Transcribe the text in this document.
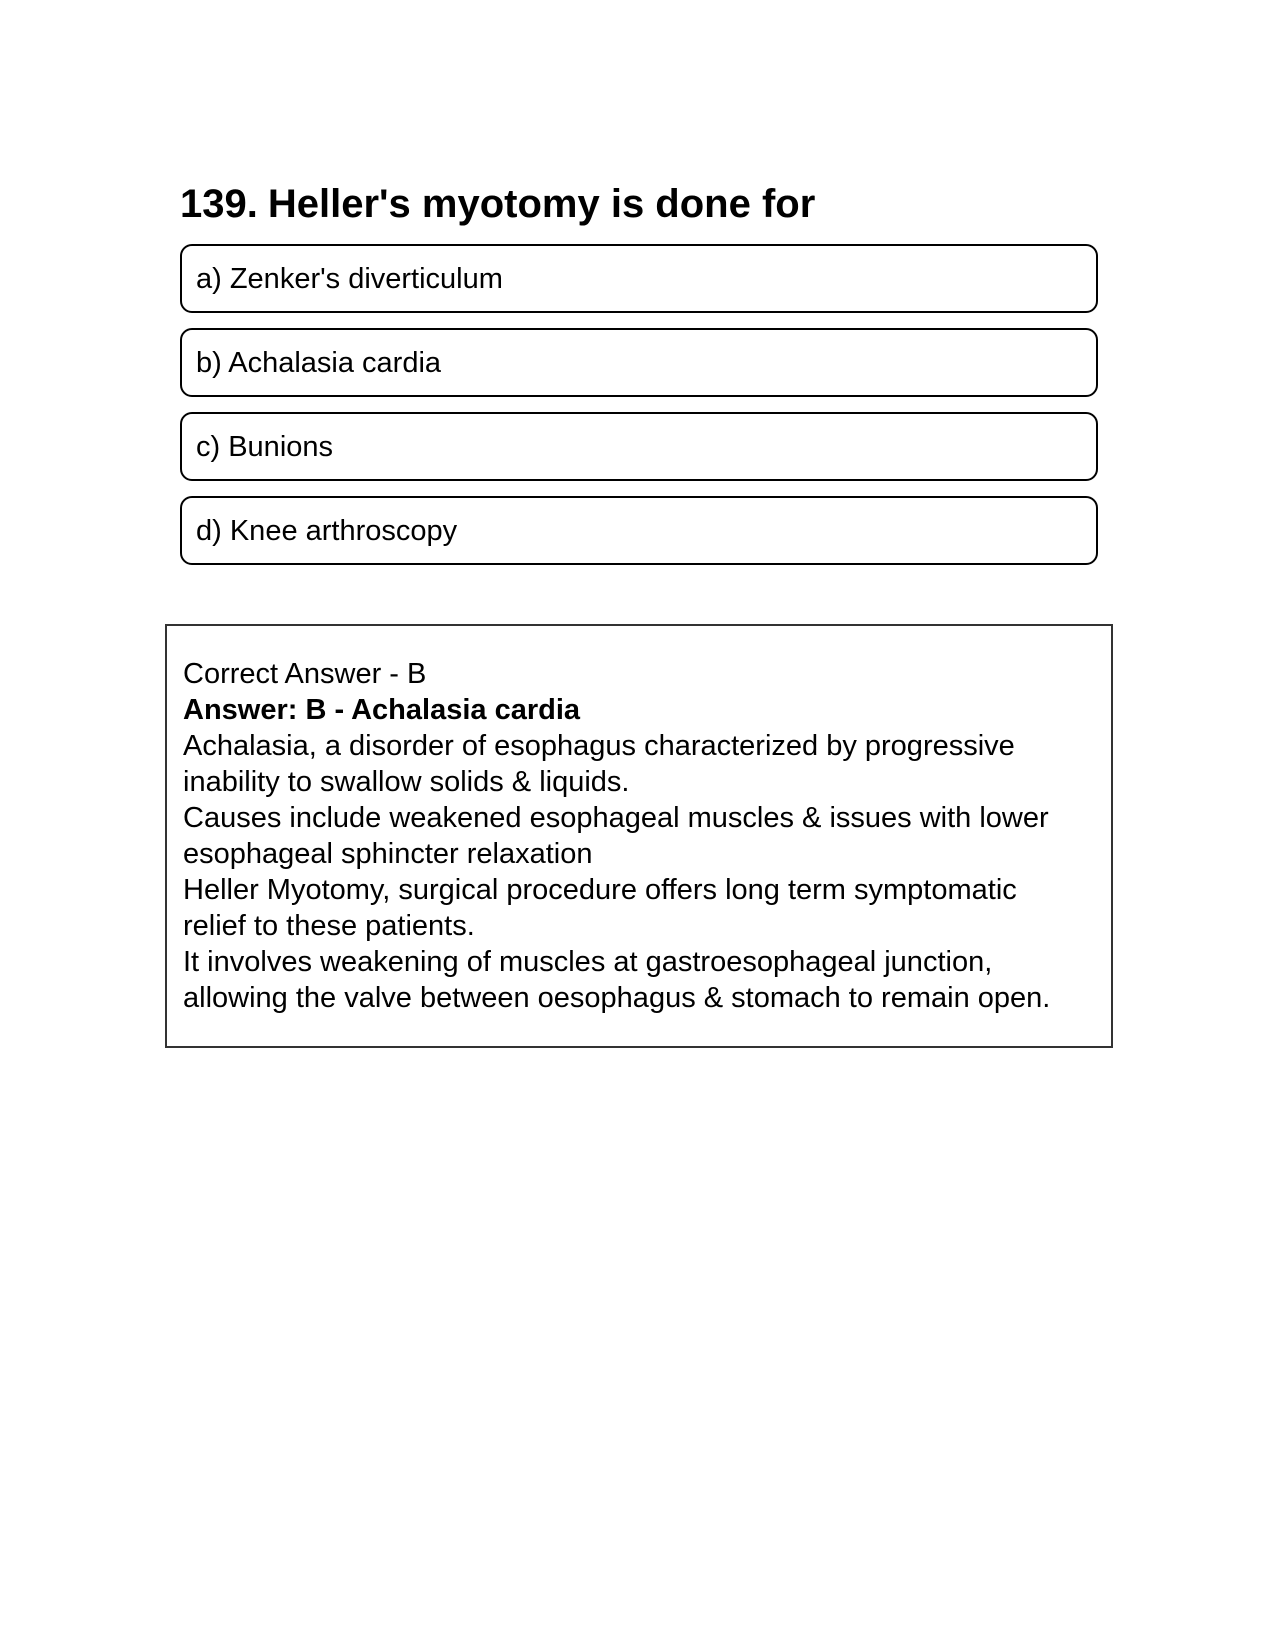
139. Heller's myotomy is done for
a) Zenker's diverticulum
b) Achalasia cardia
c) Bunions
d) Knee arthroscopy

Correct Answer - B

Answer: B - Achalasia cardia

Achalasia, a disorder of esophagus characterized by progressive

inability to swallow solids & liquids.

Causes include weakened esophageal muscles & issues with lower

esophageal sphincter relaxation

Heller Myotomy, surgical procedure offers long term symptomatic

relief to these patients.

It involves weakening of muscles at gastroesophageal junction,

allowing the valve between oesophagus & stomach to remain open.
